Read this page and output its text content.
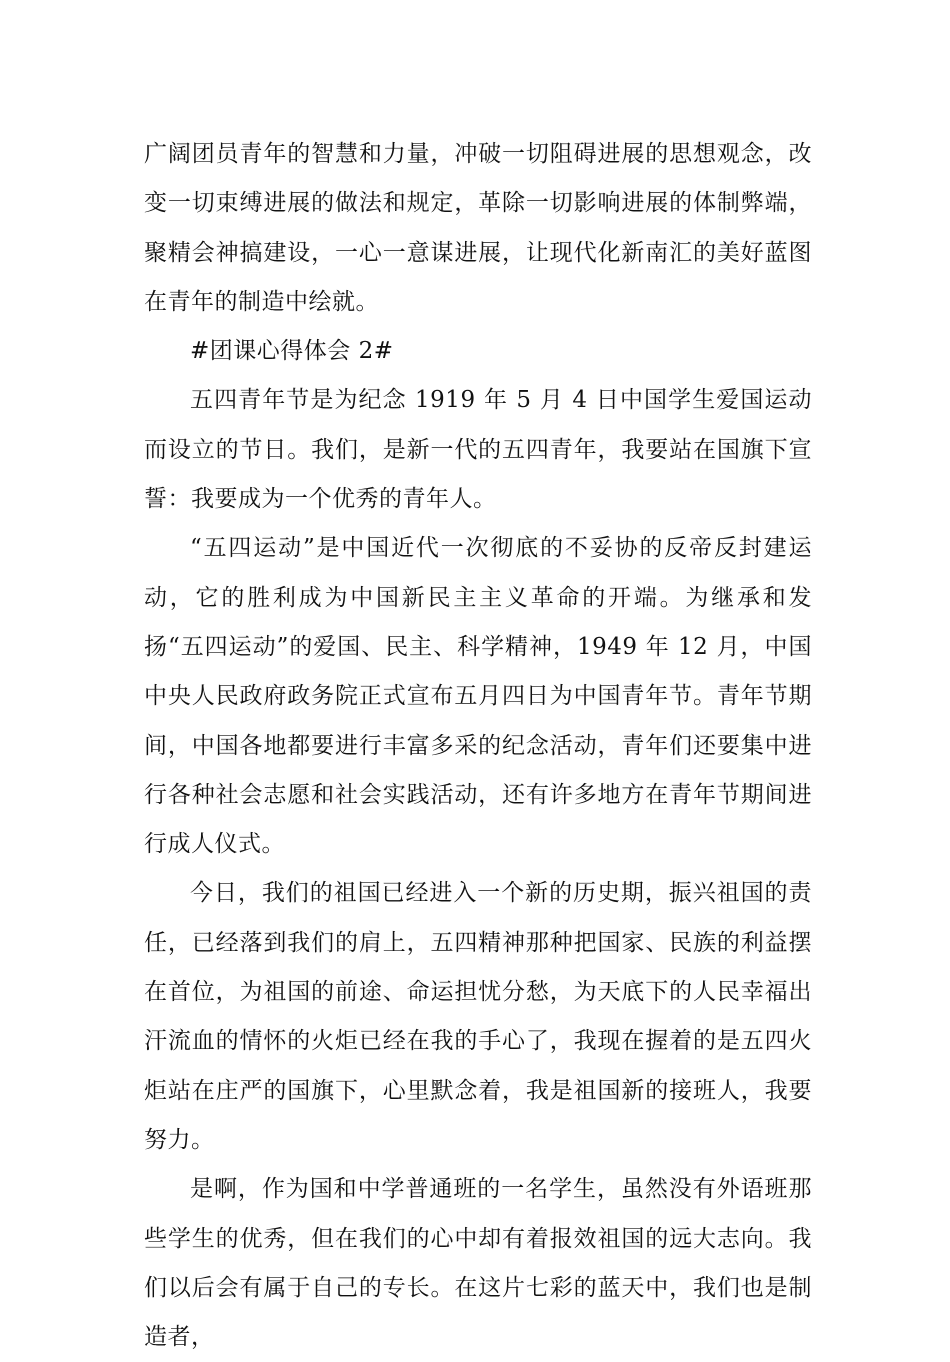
广阔团员青年的智慧和力量，冲破一切阻碍进展的思想观念，改变一切束缚进展的做法和规定，革除一切影响进展的体制弊端，聚精会神搞建设，一心一意谋进展，让现代化新南汇的美好蓝图在青年的制造中绘就。

#团课心得体会 2#

五四青年节是为纪念 1919 年 5 月 4 日中国学生爱国运动而设立的节日。我们，是新一代的五四青年，我要站在国旗下宣誓：我要成为一个优秀的青年人。

“五四运动”是中国近代一次彻底的不妥协的反帝反封建运动，它的胜利成为中国新民主主义革命的开端。为继承和发扬“五四运动”的爱国、民主、科学精神，1949 年 12 月，中国中央人民政府政务院正式宣布五月四日为中国青年节。青年节期间，中国各地都要进行丰富多采的纪念活动，青年们还要集中进行各种社会志愿和社会实践活动，还有许多地方在青年节期间进行成人仪式。

今日，我们的祖国已经进入一个新的历史期，振兴祖国的责任，已经落到我们的肩上，五四精神那种把国家、民族的利益摆在首位，为祖国的前途、命运担忧分愁，为天底下的人民幸福出汗流血的情怀的火炬已经在我的手心了，我现在握着的是五四火炬站在庄严的国旗下，心里默念着，我是祖国新的接班人，我要努力。

是啊，作为国和中学普通班的一名学生，虽然没有外语班那些学生的优秀，但在我们的心中却有着报效祖国的远大志向。我们以后会有属于自己的专长。在这片七彩的蓝天中，我们也是制造者，
